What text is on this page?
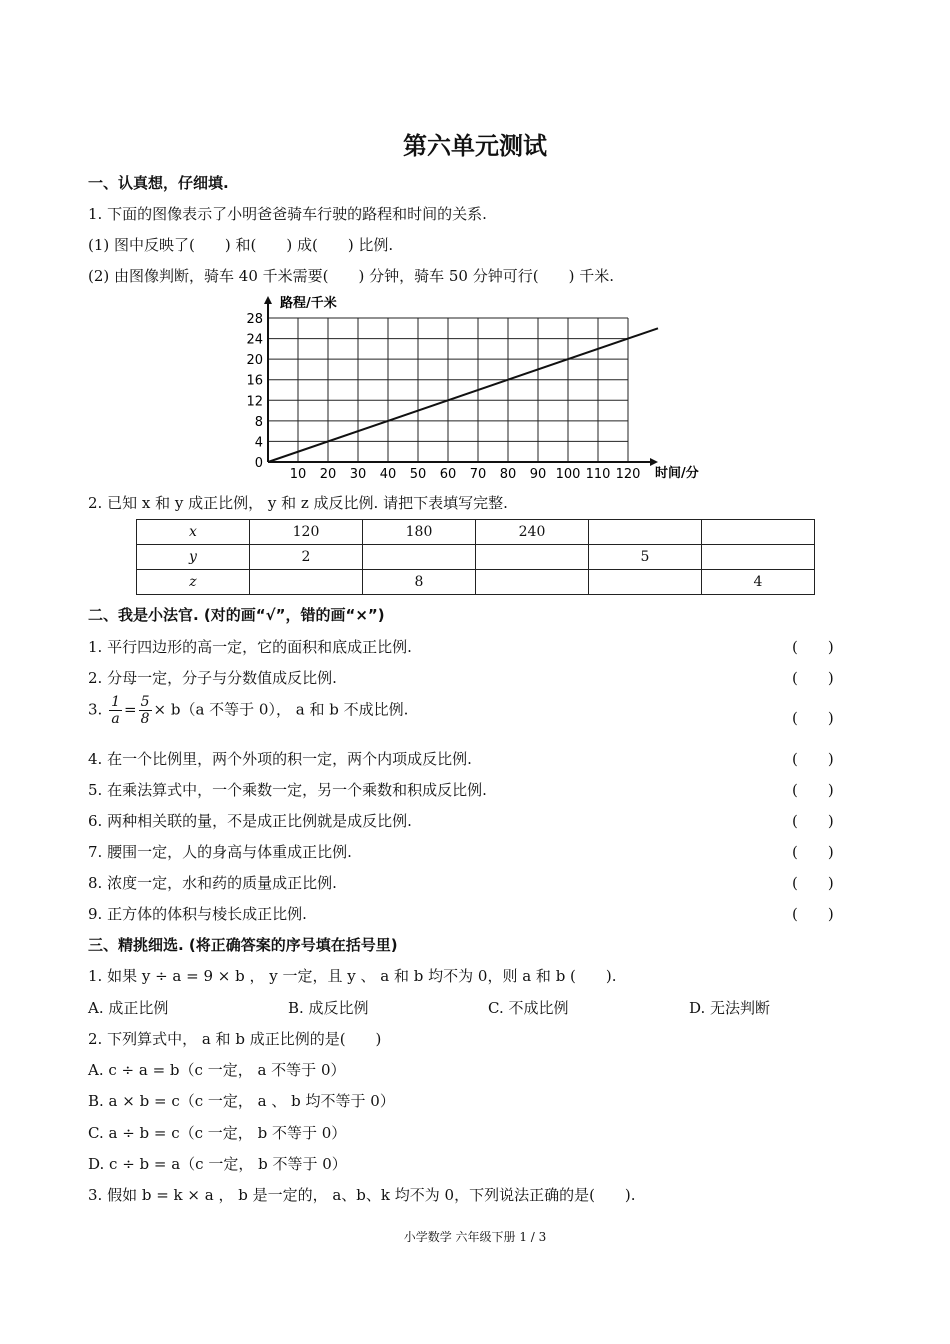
第六单元测试
一、认真想，仔细填.
1. 下面的图像表示了小明爸爸骑车行驶的路程和时间的关系.
(1) 图中反映了(　　) 和(　　) 成(　　) 比例.
(2) 由图像判断，骑车 40 千米需要(　　) 分钟，骑车 50 分钟可行(　　) 千米.
10 20 30 40 50 60 70 80 90 100 110 120
0
4
8
12
16
20
24
28
路程/千米
时间/分
2. 已知 x 和 y 成正比例， y 和 z 成反比例. 请把下表填写完整.
x	120	180	240		
y	2			5	
z		8			4
二、我是小法官. (对的画“√”，错的画“×”)
1. 平行四边形的高一定，它的面积和底成正比例.	(　　)
2. 分母一定，分子与分数值成反比例.	(　　)
3. $\frac{1}{a} = \frac{5}{8} \times b(a$ 不等于 0）， a 和 b 不成比例.	(　　)
4. 在一个比例里，两个外项的积一定，两个内项成反比例.	(　　)
5. 在乘法算式中，一个乘数一定，另一个乘数和积成反比例.	(　　)
6. 两种相关联的量，不是成正比例就是成反比例.	(　　)
7. 腰围一定，人的身高与体重成正比例.	(　　)
8. 浓度一定，水和药的质量成正比例.	(　　)
9. 正方体的体积与棱长成正比例.	(　　)
三、精挑细选. (将正确答案的序号填在括号里)
1. 如果 y ÷ a = 9 × b ， y 一定，且 y 、 a 和 b 均不为 0，则 a 和 b (　　).
A. 成正比例	B. 成反比例	C. 不成比例	D. 无法判断
2. 下列算式中， a 和 b 成正比例的是(　　)
A. c ÷ a = b（c 一定， a 不等于 0）
B. a × b = c（c 一定， a 、 b 均不等于 0）
C. a ÷ b = c（c 一定， b 不等于 0）
D. c ÷ b = a（c 一定， b 不等于 0）
3. 假如 b = k × a ， b 是一定的， a、b、k 均不为 0，下列说法正确的是(　　).
小学数学 六年级下册 1 / 3
